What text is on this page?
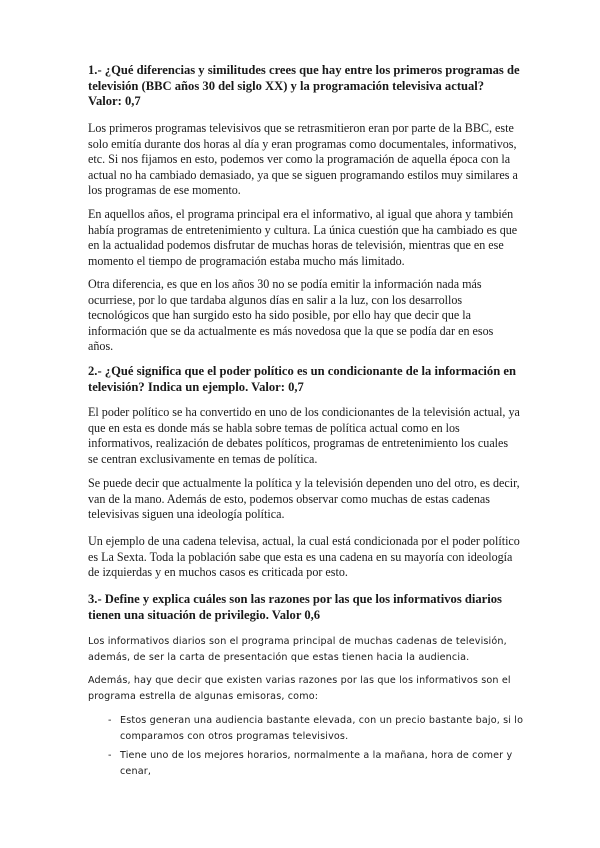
1.- ¿Qué diferencias y similitudes crees que hay entre los primeros programas de televisión (BBC años 30 del siglo XX) y la programación televisiva actual? Valor: 0,7

Los primeros programas televisivos que se retrasmitieron eran por parte de la BBC, este solo emitía durante dos horas al día y eran programas como documentales, informativos, etc. Si nos fijamos en esto, podemos ver como la programación de aquella época con la actual no ha cambiado demasiado, ya que se siguen programando estilos muy similares a los programas de ese momento.

En aquellos años, el programa principal era el informativo, al igual que ahora y también había programas de entretenimiento y cultura. La única cuestión que ha cambiado es que en la actualidad podemos disfrutar de muchas horas de televisión, mientras que en ese momento el tiempo de programación estaba mucho más limitado.

Otra diferencia, es que en los años 30 no se podía emitir la información nada más ocurriese, por lo que tardaba algunos días en salir a la luz, con los desarrollos tecnológicos que han surgido esto ha sido posible, por ello hay que decir que la información que se da actualmente es más novedosa que la que se podía dar en esos años.

2.- ¿Qué significa que el poder político es un condicionante de la información en televisión? Indica un ejemplo. Valor: 0,7

El poder político se ha convertido en uno de los condicionantes de la televisión actual, ya que en esta es donde más se habla sobre temas de política actual como en los informativos, realización de debates políticos, programas de entretenimiento los cuales se centran exclusivamente en temas de política.

Se puede decir que actualmente la política y la televisión dependen uno del otro, es decir, van de la mano. Además de esto, podemos observar como muchas de estas cadenas televisivas siguen una ideología política.

Un ejemplo de una cadena televisa, actual, la cual está condicionada por el poder político es La Sexta. Toda la población sabe que esta es una cadena en su mayoría con ideología de izquierdas y en muchos casos es criticada por esto.

3.- Define y explica cuáles son las razones por las que los informativos diarios tienen una situación de privilegio. Valor 0,6

Los informativos diarios son el programa principal de muchas cadenas de televisión, además, de ser la carta de presentación que estas tienen hacia la audiencia.

Además, hay que decir que existen varias razones por las que los informativos son el programa estrella de algunas emisoras, como:

- Estos generan una audiencia bastante elevada, con un precio bastante bajo, si lo comparamos con otros programas televisivos.
- Tiene uno de los mejores horarios, normalmente a la mañana, hora de comer y cenar,
